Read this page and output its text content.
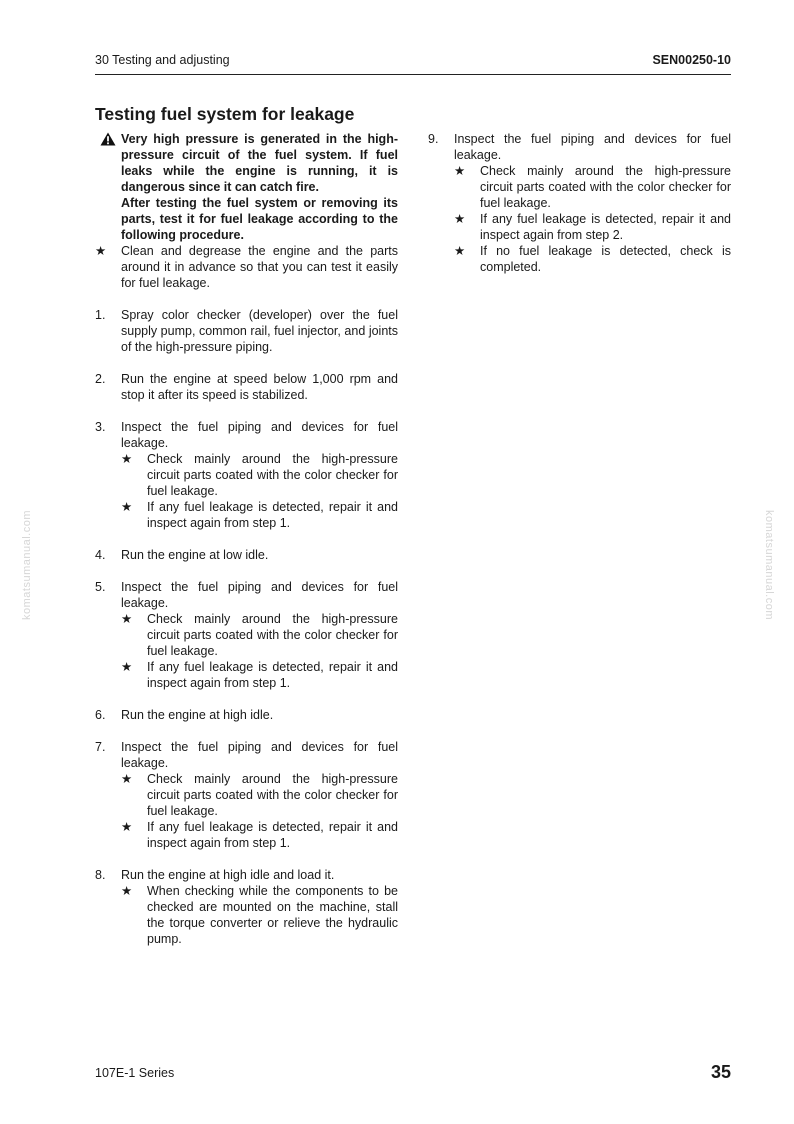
30 Testing and adjusting	SEN00250-10
Testing fuel system for leakage

Very high pressure is generated in the high-pressure circuit of the fuel system. If fuel leaks while the engine is running, it is dangerous since it can catch fire.

After testing the fuel system or removing its parts, test it for fuel leakage according to the following procedure.

★ Clean and degrease the engine and the parts around it in advance so that you can test it easily for fuel leakage.
1. Spray color checker (developer) over the fuel supply pump, common rail, fuel injector, and joints of the high-pressure piping.
2. Run the engine at speed below 1,000 rpm and stop it after its speed is stabilized.
3. Inspect the fuel piping and devices for fuel leakage.
★ Check mainly around the high-pressure circuit parts coated with the color checker for fuel leakage.
★ If any fuel leakage is detected, repair it and inspect again from step 1.
4. Run the engine at low idle.
5. Inspect the fuel piping and devices for fuel leakage.
★ Check mainly around the high-pressure circuit parts coated with the color checker for fuel leakage.
★ If any fuel leakage is detected, repair it and inspect again from step 1.
6. Run the engine at high idle.
7. Inspect the fuel piping and devices for fuel leakage.
★ Check mainly around the high-pressure circuit parts coated with the color checker for fuel leakage.
★ If any fuel leakage is detected, repair it and inspect again from step 1.
8. Run the engine at high idle and load it.
★ When checking while the components to be checked are mounted on the machine, stall the torque converter or relieve the hydraulic pump.
9. Inspect the fuel piping and devices for fuel leakage.
★ Check mainly around the high-pressure circuit parts coated with the color checker for fuel leakage.
★ If any fuel leakage is detected, repair it and inspect again from step 2.
★ If no fuel leakage is detected, check is completed.
107E-1 Series	35
komatsumanual.com	komatsumanual.com
